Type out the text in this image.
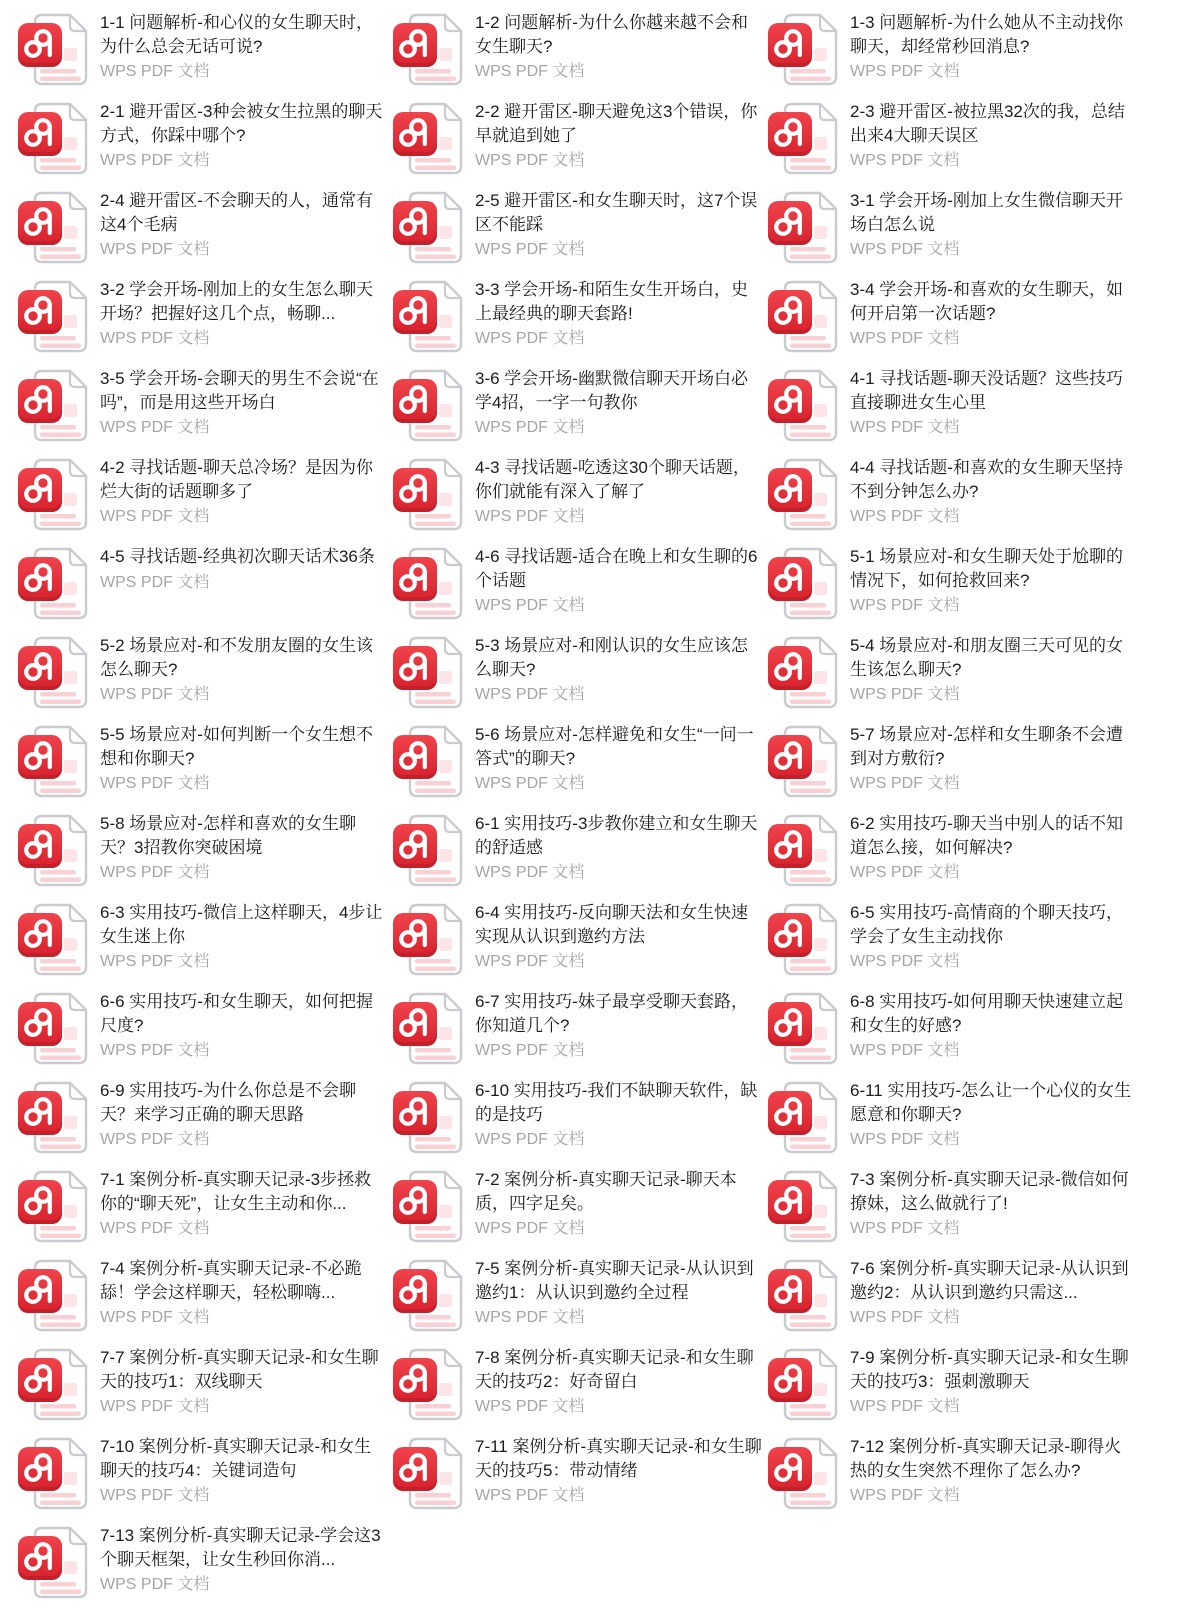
1-1 问题解析-和心仪的女生聊天时，为什么总会无话可说?
WPS PDF 文档
1-2 问题解析-为什么你越来越不会和女生聊天?
WPS PDF 文档
1-3 问题解析-为什么她从不主动找你聊天，却经常秒回消息?
WPS PDF 文档
2-1 避开雷区-3种会被女生拉黑的聊天方式，你踩中哪个?
WPS PDF 文档
2-2 避开雷区-聊天避免这3个错误，你早就追到她了
WPS PDF 文档
2-3 避开雷区-被拉黑32次的我，总结出来4大聊天误区
WPS PDF 文档
2-4 避开雷区-不会聊天的人，通常有这4个毛病
WPS PDF 文档
2-5 避开雷区-和女生聊天时，这7个误区不能踩
WPS PDF 文档
3-1 学会开场-刚加上女生微信聊天开场白怎么说
WPS PDF 文档
3-2 学会开场-刚加上的女生怎么聊天开场？把握好这几个点，畅聊...
WPS PDF 文档
3-3 学会开场-和陌生女生开场白，史上最经典的聊天套路!
WPS PDF 文档
3-4 学会开场-和喜欢的女生聊天，如何开启第一次话题?
WPS PDF 文档
3-5 学会开场-会聊天的男生不会说“在吗”，而是用这些开场白
WPS PDF 文档
3-6 学会开场-幽默微信聊天开场白必学4招，一字一句教你
WPS PDF 文档
4-1 寻找话题-聊天没话题？这些技巧直接聊进女生心里
WPS PDF 文档
4-2 寻找话题-聊天总冷场？是因为你烂大街的话题聊多了
WPS PDF 文档
4-3 寻找话题-吃透这30个聊天话题，你们就能有深入了解了
WPS PDF 文档
4-4 寻找话题-和喜欢的女生聊天坚持不到分钟怎么办?
WPS PDF 文档
4-5 寻找话题-经典初次聊天话术36条
WPS PDF 文档
4-6 寻找话题-适合在晚上和女生聊的6个话题
WPS PDF 文档
5-1 场景应对-和女生聊天处于尬聊的情况下，如何抢救回来?
WPS PDF 文档
5-2 场景应对-和不发朋友圈的女生该怎么聊天?
WPS PDF 文档
5-3 场景应对-和刚认识的女生应该怎么聊天?
WPS PDF 文档
5-4 场景应对-和朋友圈三天可见的女生该怎么聊天?
WPS PDF 文档
5-5 场景应对-如何判断一个女生想不想和你聊天?
WPS PDF 文档
5-6 场景应对-怎样避免和女生“一问一答式”的聊天?
WPS PDF 文档
5-7 场景应对-怎样和女生聊条不会遭到对方敷衍?
WPS PDF 文档
5-8 场景应对-怎样和喜欢的女生聊天？3招教你突破困境
WPS PDF 文档
6-1 实用技巧-3步教你建立和女生聊天的舒适感
WPS PDF 文档
6-2 实用技巧-聊天当中别人的话不知道怎么接，如何解决?
WPS PDF 文档
6-3 实用技巧-微信上这样聊天，4步让女生迷上你
WPS PDF 文档
6-4 实用技巧-反向聊天法和女生快速实现从认识到邀约方法
WPS PDF 文档
6-5 实用技巧-高情商的个聊天技巧，学会了女生主动找你
WPS PDF 文档
6-6 实用技巧-和女生聊天，如何把握尺度?
WPS PDF 文档
6-7 实用技巧-妹子最享受聊天套路，你知道几个?
WPS PDF 文档
6-8 实用技巧-如何用聊天快速建立起和女生的好感?
WPS PDF 文档
6-9 实用技巧-为什么你总是不会聊天？来学习正确的聊天思路
WPS PDF 文档
6-10 实用技巧-我们不缺聊天软件，缺的是技巧
WPS PDF 文档
6-11 实用技巧-怎么让一个心仪的女生愿意和你聊天?
WPS PDF 文档
7-1 案例分析-真实聊天记录-3步拯救你的“聊天死”，让女生主动和你...
WPS PDF 文档
7-2 案例分析-真实聊天记录-聊天本质，四字足矣。
WPS PDF 文档
7-3 案例分析-真实聊天记录-微信如何撩妹，这么做就行了!
WPS PDF 文档
7-4 案例分析-真实聊天记录-不必跪舔！学会这样聊天，轻松聊嗨...
WPS PDF 文档
7-5 案例分析-真实聊天记录-从认识到邀约1：从认识到邀约全过程
WPS PDF 文档
7-6 案例分析-真实聊天记录-从认识到邀约2：从认识到邀约只需这...
WPS PDF 文档
7-7 案例分析-真实聊天记录-和女生聊天的技巧1：双线聊天
WPS PDF 文档
7-8 案例分析-真实聊天记录-和女生聊天的技巧2：好奇留白
WPS PDF 文档
7-9 案例分析-真实聊天记录-和女生聊天的技巧3：强刺激聊天
WPS PDF 文档
7-10 案例分析-真实聊天记录-和女生聊天的技巧4：关键词造句
WPS PDF 文档
7-11 案例分析-真实聊天记录-和女生聊天的技巧5：带动情绪
WPS PDF 文档
7-12 案例分析-真实聊天记录-聊得火热的女生突然不理你了怎么办?
WPS PDF 文档
7-13 案例分析-真实聊天记录-学会这3个聊天框架，让女生秒回你消...
WPS PDF 文档
